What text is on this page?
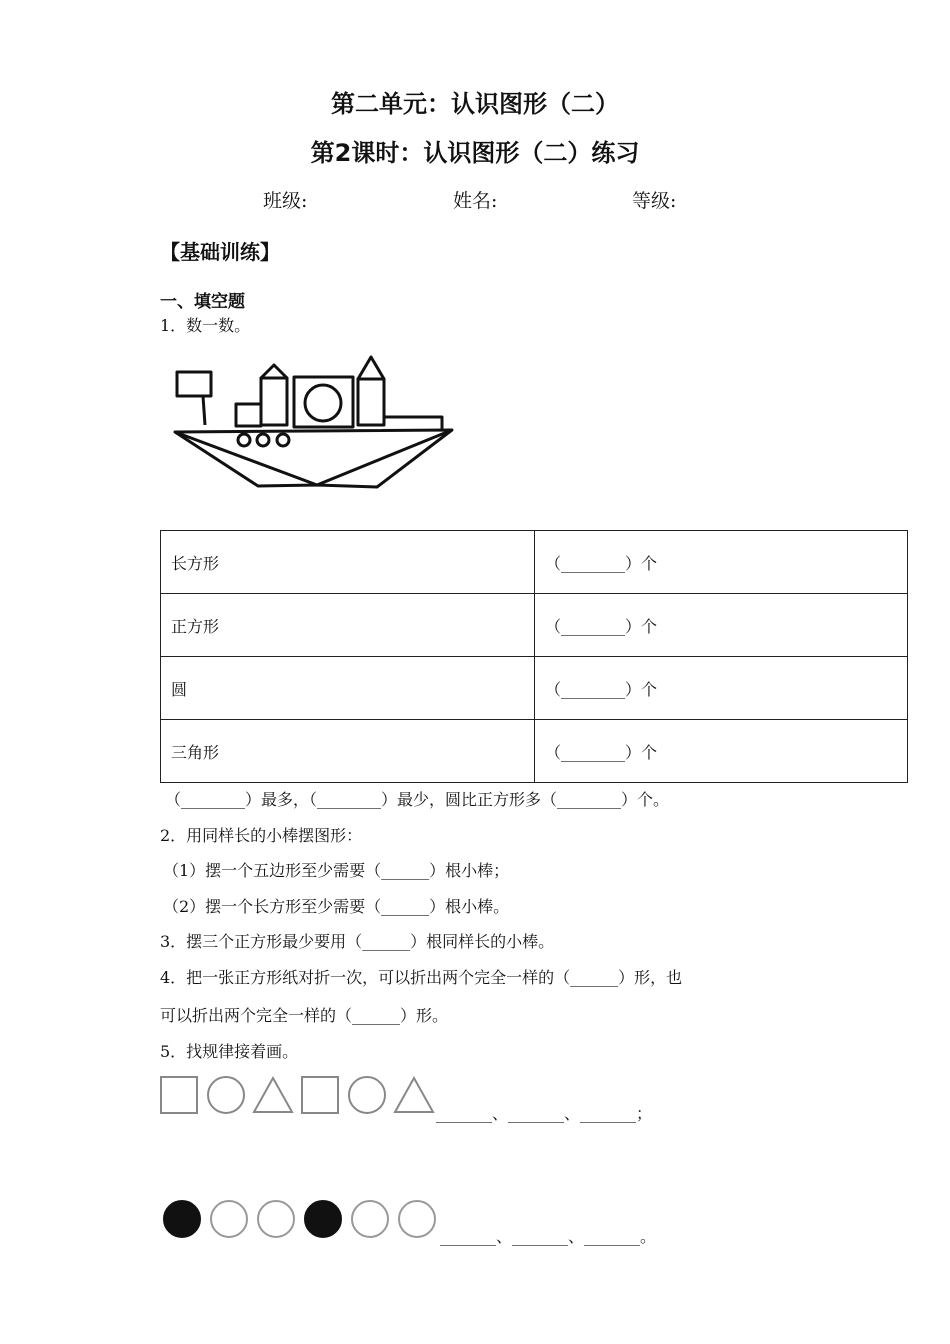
第二单元：认识图形（二）
第2课时：认识图形（二）练习
班级:	姓名:	等级:
【基础训练】
一、填空题
1．数一数。
长方形	（________）个
正方形	（________）个
圆	（________）个
三角形	（________）个
（________）最多，（________）最少，圆比正方形多（________）个。
2．用同样长的小棒摆图形：
（1）摆一个五边形至少需要（______）根小棒；
（2）摆一个长方形至少需要（______）根小棒。
3．摆三个正方形最少要用（______）根同样长的小棒。
4．把一张正方形纸对折一次，可以折出两个完全一样的（______）形，也
可以折出两个完全一样的（______）形。
5．找规律接着画。
_______、_______、_______；
_______、_______、_______。
